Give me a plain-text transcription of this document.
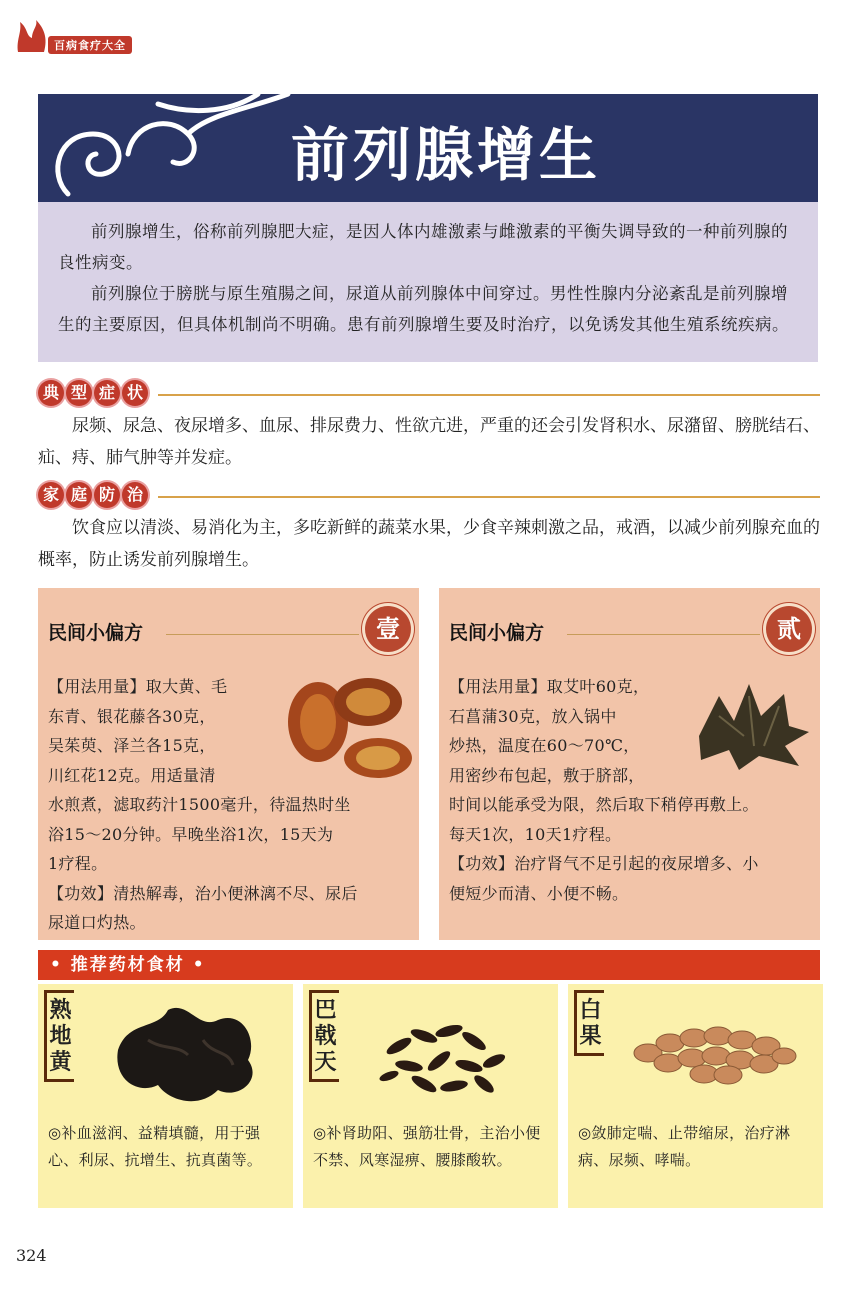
百病食疗大全
前列腺增生

前列腺增生，俗称前列腺肥大症，是因人体内雄激素与雌激素的平衡失调导致的一种前列腺的良性病变。

前列腺位于膀胱与原生殖腸之间，尿道从前列腺体中间穿过。男性性腺内分泌紊乱是前列腺增生的主要原因，但具体机制尚不明确。患有前列腺增生要及时治疗，以免诱发其他生殖系统疾病。

典 型 症 状
尿频、尿急、夜尿增多、血尿、排尿费力、性欲亢进，严重的还会引发肾积水、尿潴留、膀胱结石、疝、痔、肺气肿等并发症。
家 庭 防 治
饮食应以清淡、易消化为主，多吃新鲜的蔬菜水果，少食辛辣刺激之品，戒酒，以减少前列腺充血的概率，防止诱发前列腺增生。
民间小偏方	壹

【用法用量】取大黄、毛

东青、银花藤各30克，

吴茱萸、泽兰各15克，

川红花12克。用适量清

水煎煮，滤取药汁1500毫升，待温热时坐

浴15～20分钟。早晚坐浴1次，15天为

1疗程。

【功效】清热解毒，治小便淋漓不尽、尿后

尿道口灼热。

民间小偏方	贰

【用法用量】取艾叶60克，

石菖蒲30克，放入锅中

炒热，温度在60～70℃，

用密纱布包起，敷于脐部，

时间以能承受为限，然后取下稍停再敷上。

每天1次，10天1疗程。

【功效】治疗肾气不足引起的夜尿增多、小

便短少而清、小便不畅。

• 推荐药材食材 •
熟
地
黄
◎补血滋润、益精填髓，用于强心、利尿、抗增生、抗真菌等。
巴
戟
天
◎补肾助阳、强筋壮骨，主治小便不禁、风寒湿痹、腰膝酸软。
白
果
◎敛肺定喘、止带缩尿，治疗淋病、尿频、哮喘。
324
